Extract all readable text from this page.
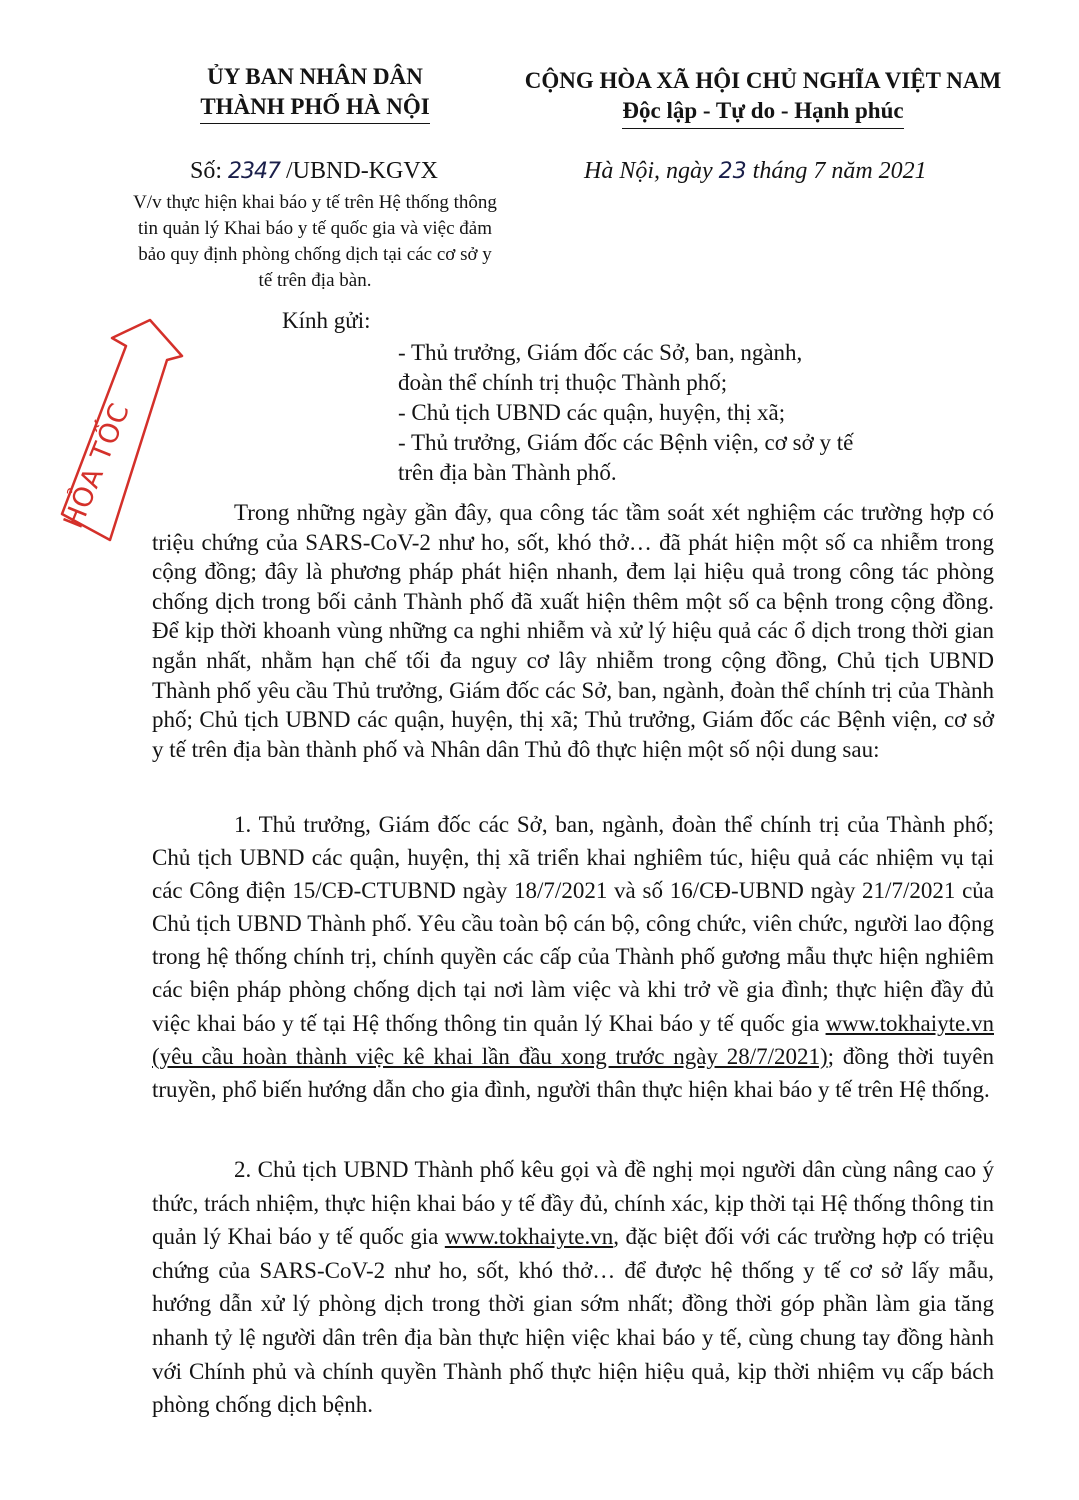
ỦY BAN NHÂN DÂN
THÀNH PHỐ HÀ NỘI
CỘNG HÒA XÃ HỘI CHỦ NGHĨA VIỆT NAM
Độc lập - Tự do - Hạnh phúc
Số: 2347 /UBND-KGVX	Hà Nội, ngày 23 tháng 7 năm 2021
V/v thực hiện khai báo y tế trên Hệ thống thông tin quản lý Khai báo y tế quốc gia và việc đảm bảo quy định phòng chống dịch tại các cơ sở y tế trên địa bàn.
HỎA TỐC
Kính gửi:
- Thủ trưởng, Giám đốc các Sở, ban, ngành,
đoàn thể chính trị thuộc Thành phố;
- Chủ tịch UBND các quận, huyện, thị xã;
- Thủ trưởng, Giám đốc các Bệnh viện, cơ sở y tế
trên địa bàn Thành phố.
Trong những ngày gần đây, qua công tác tầm soát xét nghiệm các trường hợp có triệu chứng của SARS-CoV-2 như ho, sốt, khó thở… đã phát hiện một số ca nhiễm trong cộng đồng; đây là phương pháp phát hiện nhanh, đem lại hiệu quả trong công tác phòng chống dịch trong bối cảnh Thành phố đã xuất hiện thêm một số ca bệnh trong cộng đồng. Để kịp thời khoanh vùng những ca nghi nhiễm và xử lý hiệu quả các ổ dịch trong thời gian ngắn nhất, nhằm hạn chế tối đa nguy cơ lây nhiễm trong cộng đồng, Chủ tịch UBND Thành phố yêu cầu Thủ trưởng, Giám đốc các Sở, ban, ngành, đoàn thể chính trị của Thành phố; Chủ tịch UBND các quận, huyện, thị xã; Thủ trưởng, Giám đốc các Bệnh viện, cơ sở y tế trên địa bàn thành phố và Nhân dân Thủ đô thực hiện một số nội dung sau:
1. Thủ trưởng, Giám đốc các Sở, ban, ngành, đoàn thể chính trị của Thành phố; Chủ tịch UBND các quận, huyện, thị xã triển khai nghiêm túc, hiệu quả các nhiệm vụ tại các Công điện 15/CĐ-CTUBND ngày 18/7/2021 và số 16/CĐ-UBND ngày 21/7/2021 của Chủ tịch UBND Thành phố. Yêu cầu toàn bộ cán bộ, công chức, viên chức, người lao động trong hệ thống chính trị, chính quyền các cấp của Thành phố gương mẫu thực hiện nghiêm các biện pháp phòng chống dịch tại nơi làm việc và khi trở về gia đình; thực hiện đầy đủ việc khai báo y tế tại Hệ thống thông tin quản lý Khai báo y tế quốc gia www.tokhaiyte.vn (yêu cầu hoàn thành việc kê khai lần đầu xong trước ngày 28/7/2021); đồng thời tuyên truyền, phổ biến hướng dẫn cho gia đình, người thân thực hiện khai báo y tế trên Hệ thống.
2. Chủ tịch UBND Thành phố kêu gọi và đề nghị mọi người dân cùng nâng cao ý thức, trách nhiệm, thực hiện khai báo y tế đầy đủ, chính xác, kịp thời tại Hệ thống thông tin quản lý Khai báo y tế quốc gia www.tokhaiyte.vn, đặc biệt đối với các trường hợp có triệu chứng của SARS-CoV-2 như ho, sốt, khó thở… để được hệ thống y tế cơ sở lấy mẫu, hướng dẫn xử lý phòng dịch trong thời gian sớm nhất; đồng thời góp phần làm gia tăng nhanh tỷ lệ người dân trên địa bàn thực hiện việc khai báo y tế, cùng chung tay đồng hành với Chính phủ và chính quyền Thành phố thực hiện hiệu quả, kịp thời nhiệm vụ cấp bách phòng chống dịch bệnh.
